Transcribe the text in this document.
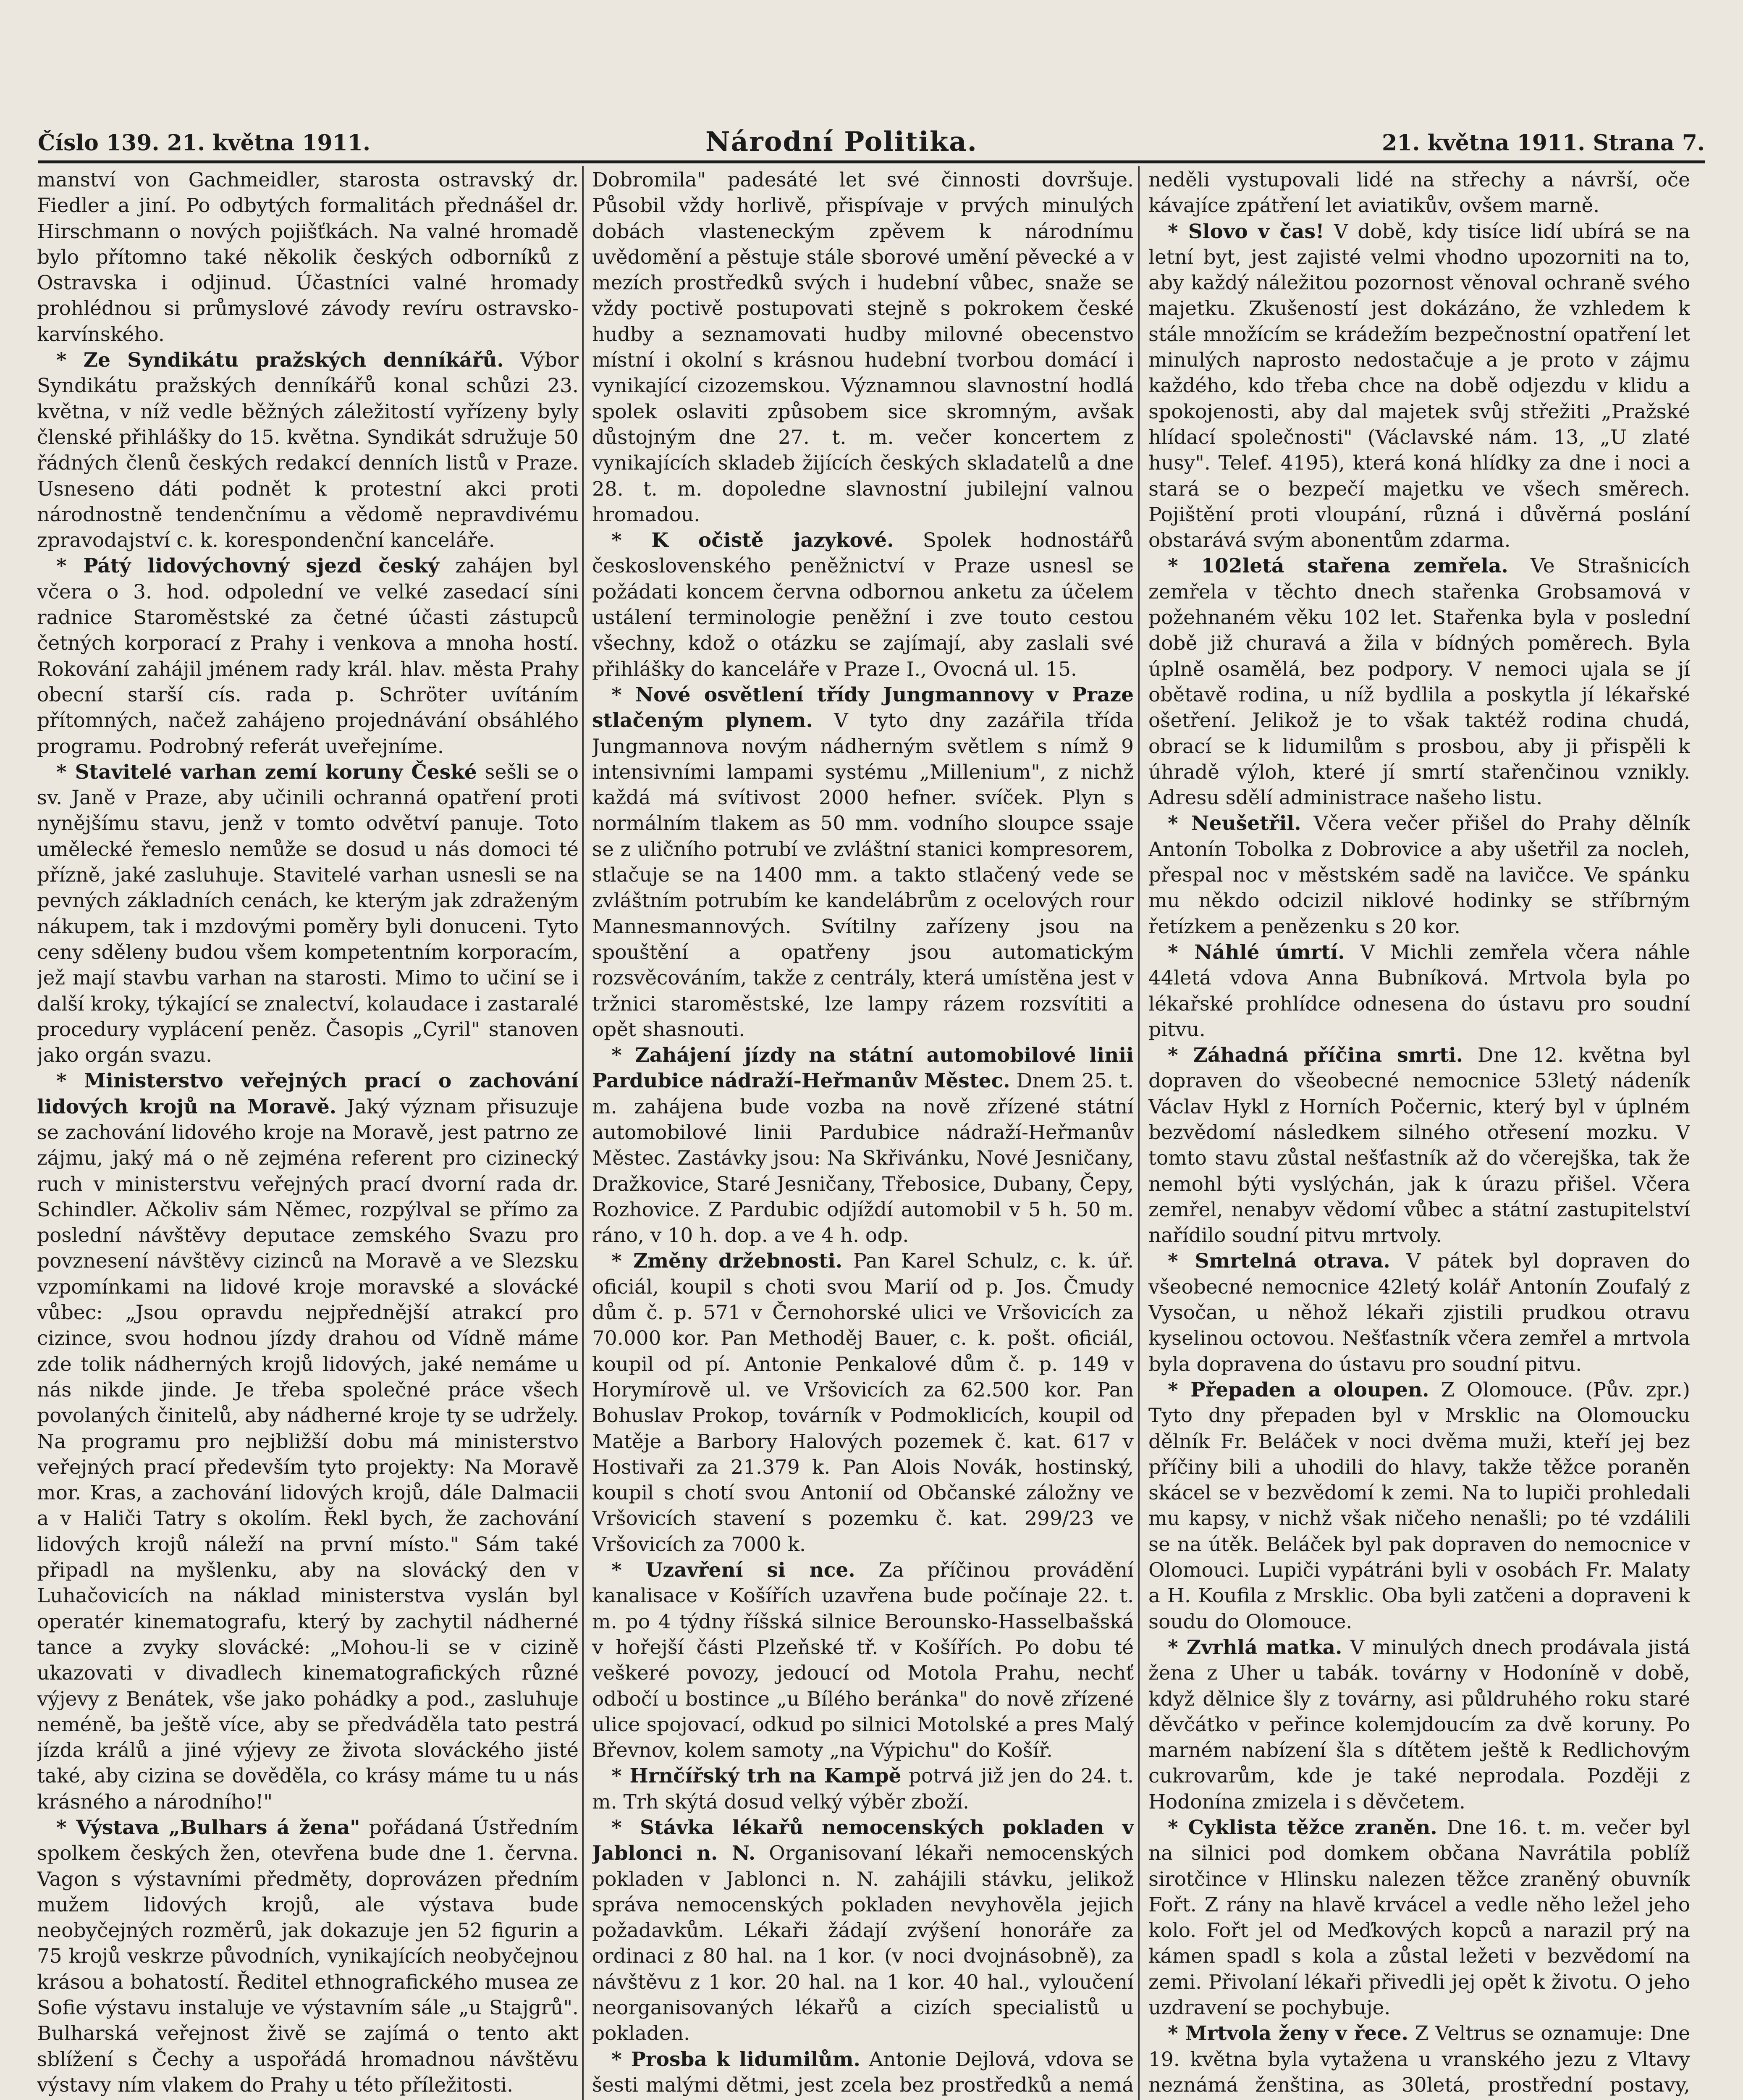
Číslo 139. 21. května 1911.	Národní Politika.	21. května 1911. Strana 7.

manství von Gachmeidler, starosta ostravský dr. Fiedler a jiní. Po odbytých formalitách přednášel dr. Hirschmann o nových pojišťkách. Na valné hromadě bylo přítomno také několik českých odborníků z Ostravska i odjinud. Účastníci valné hromady prohlédnou si průmyslové závody revíru ostravsko-karvínského.

* Ze Syndikátu pražských denníkářů. Výbor Syndikátu pražských denníkářů konal schůzi 23. května, v níž vedle běžných záležitostí vyřízeny byly členské přihlášky do 15. května. Syndikát sdružuje 50 řádných členů českých redakcí denních listů v Praze. Usneseno dáti podnět k protestní akci proti národnostně tendenčnímu a vědomě nepravdivému zpravodajství c. k. korespondenční kanceláře.

* Pátý lidovýchovný sjezd český zahájen byl včera o 3. hod. odpolední ve velké zasedací síni radnice Staroměstské za četné účasti zástupců četných korporací z Prahy i venkova a mnoha hostí. Rokování zahájil jménem rady král. hlav. města Prahy obecní starší cís. rada p. Schröter uvítáním přítomných, načež zahájeno projednávání obsáhlého programu. Podrobný referát uveřejníme.

* Stavitelé varhan zemí koruny České sešli se o sv. Janě v Praze, aby učinili ochranná opatření proti nynějšímu stavu, jenž v tomto odvětví panuje. Toto umělecké řemeslo nemůže se dosud u nás domoci té přízně, jaké zasluhuje. Stavitelé varhan usnesli se na pevných základních cenách, ke kterým jak zdraženým nákupem, tak i mzdovými poměry byli donuceni. Tyto ceny sděleny budou všem kompetentním korporacím, jež mají stavbu varhan na starosti. Mimo to učiní se i další kroky, týkající se znalectví, kolaudace i zastaralé procedury vyplácení peněz. Časopis „Cyril" stanoven jako orgán svazu.

* Ministerstvo veřejných prací o zachování lidových krojů na Moravě. Jaký význam přisuzuje se zachování lidového kroje na Moravě, jest patrno ze zájmu, jaký má o ně zejména referent pro cizinecký ruch v ministerstvu veřejných prací dvorní rada dr. Schindler. Ačkoliv sám Němec, rozpýlval se přímo za poslední návštěvy deputace zemského Svazu pro povznesení návštěvy cizinců na Moravě a ve Slezsku vzpomínkami na lidové kroje moravské a slovácké vůbec: „Jsou opravdu nejpřednější atrakcí pro cizince, svou hodnou jízdy drahou od Vídně máme zde tolik nádherných krojů lidových, jaké nemáme u nás nikde jinde. Je třeba společné práce všech povolaných činitelů, aby nádherné kroje ty se udržely. Na programu pro nejbližší dobu má ministerstvo veřejných prací především tyto projekty: Na Moravě mor. Kras, a zachování lidových krojů, dále Dalmacii a v Haliči Tatry s okolím. Řekl bych, že zachování lidových krojů náleží na první místo." Sám také připadl na myšlenku, aby na slovácký den v Luhačovicích na náklad ministerstva vyslán byl operatér kinematografu, který by zachytil nádherné tance a zvyky slovácké: „Mohou-li se v cizině ukazovati v divadlech kinematografických různé výjevy z Benátek, vše jako pohádky a pod., zasluhuje neméně, ba ještě více, aby se předváděla tato pestrá jízda králů a jiné výjevy ze života slováckého jisté také, aby cizina se dověděla, co krásy máme tu u nás krásného a národního!"

* Výstava „Bulhars á žena" pořádaná Ústředním spolkem českých žen, otevřena bude dne 1. června. Vagon s výstavními předměty, doprovázen předním mužem lidových krojů, ale výstava bude neobyčejných rozměrů, jak dokazuje jen 52 figurin a 75 krojů veskrze původních, vynikajících neobyčejnou krásou a bohatostí. Ředitel ethnografického musea ze Sofie výstavu instaluje ve výstavním sále „u Stajgrů". Bulharská veřejnost živě se zajímá o tento akt sblížení s Čechy a uspořádá hromadnou návštěvu výstavy ním vlakem do Prahy u této příležitosti.

Dobromila" padesáté let své činnosti dovršuje. Působil vždy horlivě, přispívaje v prvých minulých dobách vlasteneckým zpěvem k národnímu uvědomění a pěstuje stále sborové umění pěvecké a v mezích prostředků svých i hudební vůbec, snaže se vždy poctivě postupovati stejně s pokrokem české hudby a seznamovati hudby milovné obecenstvo místní i okolní s krásnou hudební tvorbou domácí i vynikající cizozemskou. Významnou slavnostní hodlá spolek oslaviti způsobem sice skromným, avšak důstojným dne 27. t. m. večer koncertem z vynikajících skladeb žijících českých skladatelů a dne 28. t. m. dopoledne slavnostní jubilejní valnou hromadou.

* K očistě jazykové. Spolek hodnostářů československého peněžnictví v Praze usnesl se požádati koncem června odbornou anketu za účelem ustálení terminologie peněžní i zve touto cestou všechny, kdož o otázku se zajímají, aby zaslali své přihlášky do kanceláře v Praze I., Ovocná ul. 15.

* Nové osvětlení třídy Jungmannovy v Praze stlačeným plynem. V tyto dny zazářila třída Jungmannova novým nádherným světlem s nímž 9 intensivními lampami systému „Millenium", z nichž každá má svítivost 2000 hefner. svíček. Plyn s normálním tlakem as 50 mm. vodního sloupce ssaje se z uličního potrubí ve zvláštní stanici kompresorem, stlačuje se na 1400 mm. a takto stlačený vede se zvláštním potrubím ke kandelábrům z ocelových rour Mannesmannových. Svítilny zařízeny jsou na spouštění a opatřeny jsou automatickým rozsvěcováním, takže z centrály, která umístěna jest v tržnici staroměstské, lze lampy rázem rozsvítiti a opět shasnouti.

* Zahájení jízdy na státní automobilové linii Pardubice nádraží-Heřmanův Městec. Dnem 25. t. m. zahájena bude vozba na nově zřízené státní automobilové linii Pardubice nádraží-Heřmanův Městec. Zastávky jsou: Na Skřivánku, Nové Jesničany, Dražkovice, Staré Jesničany, Třebosice, Dubany, Čepy, Rozhovice. Z Pardubic odjíždí automobil v 5 h. 50 m. ráno, v 10 h. dop. a ve 4 h. odp.

* Změny držebnosti. Pan Karel Schulz, c. k. úř. oficiál, koupil s choti svou Marií od p. Jos. Čmudy dům č. p. 571 v Černohorské ulici ve Vršovicích za 70.000 kor. Pan Methoděj Bauer, c. k. pošt. oficiál, koupil od pí. Antonie Penkalové dům č. p. 149 v Horymírově ul. ve Vršovicích za 62.500 kor. Pan Bohuslav Prokop, továrník v Podmoklicích, koupil od Matěje a Barbory Halových pozemek č. kat. 617 v Hostivaři za 21.379 k. Pan Alois Novák, hostinský, koupil s chotí svou Antonií od Občanské záložny ve Vršovicích stavení s pozemku č. kat. 299/23 ve Vršovicích za 7000 k.

* Uzavření si nce. Za příčinou provádění kanalisace v Košířích uzavřena bude počínaje 22. t. m. po 4 týdny říšská silnice Berounsko-Hasselbašská v hořejší části Plzeňské tř. v Košířích. Po dobu té veškeré povozy, jedoucí od Motola Prahu, nechť odbočí u bostince „u Bílého beránka" do nově zřízené ulice spojovací, odkud po silnici Motolské a pres Malý Břevnov, kolem samoty „na Výpichu" do Košíř.

* Hrnčířský trh na Kampě potrvá již jen do 24. t. m. Trh skýtá dosud velký výběr zboží.

* Stávka lékařů nemocenských pokladen v Jablonci n. N. Organisovaní lékaři nemocenských pokladen v Jablonci n. N. zahájili stávku, jelikož správa nemocenských pokladen nevyhověla jejich požadavkům. Lékaři žádají zvýšení honoráře za ordinaci z 80 hal. na 1 kor. (v noci dvojnásobně), za návštěvu z 1 kor. 20 hal. na 1 kor. 40 hal., vyloučení neorganisovaných lékařů a cizích specialistů u pokladen.

* Prosba k lidumilům. Antonie Dejlová, vdova se šesti malými dětmi, jest zcela bez prostředků a nemá

neděli vystupovali lidé na střechy a návrší, oče kávajíce zpátření let aviatikův, ovšem marně.

* Slovo v čas! V době, kdy tisíce lidí ubírá se na letní byt, jest zajisté velmi vhodno upozorniti na to, aby každý náležitou pozornost věnoval ochraně svého majetku. Zkušeností jest dokázáno, že vzhledem k stále množícím se krádežím bezpečnostní opatření let minulých naprosto nedostačuje a je proto v zájmu každého, kdo třeba chce na době odjezdu v klidu a spokojenosti, aby dal majetek svůj střežiti „Pražské hlídací společnosti" (Václavské nám. 13, „U zlaté husy". Telef. 4195), která koná hlídky za dne i noci a stará se o bezpečí majetku ve všech směrech. Pojištění proti vloupání, různá i důvěrná poslání obstarává svým abonentům zdarma.

* 102letá stařena zemřela. Ve Strašnicích zemřela v těchto dnech stařenka Grobsamová v požehnaném věku 102 let. Stařenka byla v poslední době již churavá a žila v bídných poměrech. Byla úplně osamělá, bez podpory. V nemoci ujala se jí obětavě rodina, u níž bydlila a poskytla jí lékařské ošetření. Jelikož je to však taktéž rodina chudá, obrací se k lidumilům s prosbou, aby ji přispěli k úhradě výloh, které jí smrtí stařenčinou vznikly. Adresu sdělí administrace našeho listu.

* Neušetřil. Včera večer přišel do Prahy dělník Antonín Tobolka z Dobrovice a aby ušetřil za nocleh, přespal noc v městském sadě na lavičce. Ve spánku mu někdo odcizil niklové hodinky se stříbrným řetízkem a penězenku s 20 kor.

* Náhlé úmrtí. V Michli zemřela včera náhle 44letá vdova Anna Bubníková. Mrtvola byla po lékařské prohlídce odnesena do ústavu pro soudní pitvu.

* Záhadná příčina smrti. Dne 12. května byl dopraven do všeobecné nemocnice 53letý nádeník Václav Hykl z Horních Počernic, který byl v úplném bezvědomí následkem silného otřesení mozku. V tomto stavu zůstal nešťastník až do včerejška, tak že nemohl býti vyslýchán, jak k úrazu přišel. Včera zemřel, nenabyv vědomí vůbec a státní zastupitelství nařídilo soudní pitvu mrtvoly.

* Smrtelná otrava. V pátek byl dopraven do všeobecné nemocnice 42letý kolář Antonín Zoufalý z Vysočan, u něhož lékaři zjistili prudkou otravu kyselinou octovou. Nešťastník včera zemřel a mrtvola byla dopravena do ústavu pro soudní pitvu.

* Přepaden a oloupen. Z Olomouce. (Pův. zpr.) Tyto dny přepaden byl v Mrsklic na Olomoucku dělník Fr. Beláček v noci dvěma muži, kteří jej bez příčiny bili a uhodili do hlavy, takže těžce poraněn skácel se v bezvědomí k zemi. Na to lupiči prohledali mu kapsy, v nichž však ničeho nenašli; po té vzdálili se na útěk. Beláček byl pak dopraven do nemocnice v Olomouci. Lupiči vypátráni byli v osobách Fr. Malaty a H. Koufila z Mrsklic. Oba byli zatčeni a dopraveni k soudu do Olomouce.

* Zvrhlá matka. V minulých dnech prodávala jistá žena z Uher u tabák. továrny v Hodoníně v době, když dělnice šly z továrny, asi půldruhého roku staré děvčátko v peřince kolemjdoucím za dvě koruny. Po marném nabízení šla s dítětem ještě k Redlichovým cukrovarům, kde je také neprodala. Později z Hodonína zmizela i s děvčetem.

* Cyklista těžce zraněn. Dne 16. t. m. večer byl na silnici pod domkem občana Navrátila poblíž sirotčince v Hlinsku nalezen těžce zraněný obuvník Fořt. Z rány na hlavě krvácel a vedle něho ležel jeho kolo. Fořt jel od Meďkových kopců a narazil prý na kámen spadl s kola a zůstal ležeti v bezvědomí na zemi. Přivolaní lékaři přivedli jej opět k životu. O jeho uzdravení se pochybuje.

* Mrtvola ženy v řece. Z Veltrus se oznamuje: Dne 19. května byla vytažena u vranského jezu z Vltavy neznámá ženština, as 30letá, prostřední postavy,
